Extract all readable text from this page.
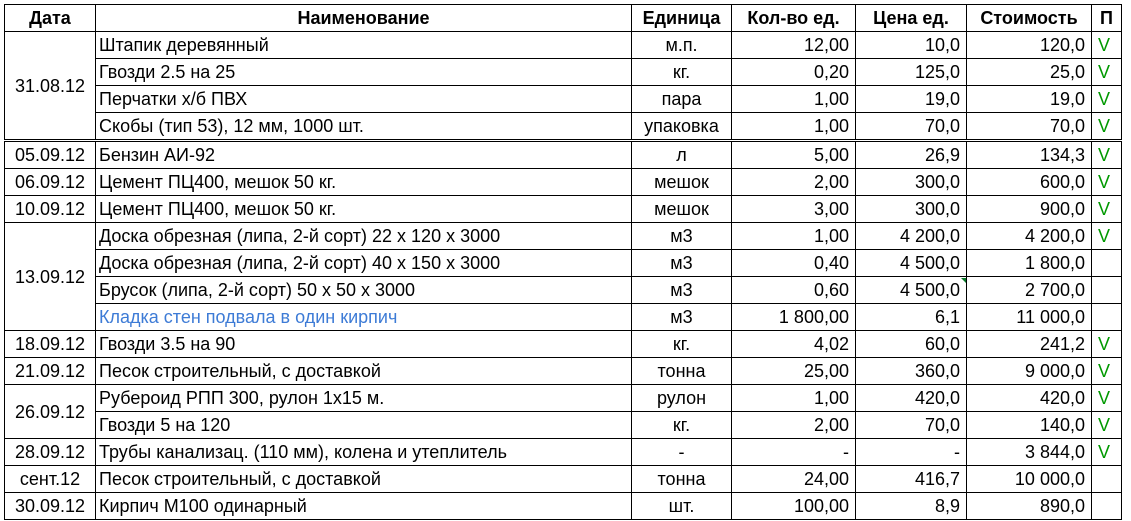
Дата	Наименование	Единица	Кол-во ед.	Цена ед.	Стоимость	П
31.08.12	Штапик деревянный	м.п.	12,00	10,0	120,0	V
	Гвозди 2.5 на 25	кг.	0,20	125,0	25,0	V
	Перчатки х/б ПВХ	пара	1,00	19,0	19,0	V
	Скобы (тип 53), 12 мм, 1000 шт.	упаковка	1,00	70,0	70,0	V
05.09.12	Бензин АИ-92	л	5,00	26,9	134,3	V
06.09.12	Цемент ПЦ400, мешок 50 кг.	мешок	2,00	300,0	600,0	V
10.09.12	Цемент ПЦ400, мешок 50 кг.	мешок	3,00	300,0	900,0	V
13.09.12	Доска обрезная (липа, 2-й сорт) 22 х 120 х 3000	м3	1,00	4 200,0	4 200,0	V
	Доска обрезная (липа, 2-й сорт) 40 х 150 х 3000	м3	0,40	4 500,0	1 800,0	
	Брусок (липа, 2-й сорт) 50 х 50 х 3000	м3	0,60	4 500,0	2 700,0	
	Кладка стен подвала в один кирпич	м3	1 800,00	6,1	11 000,0	
18.09.12	Гвозди 3.5 на 90	кг.	4,02	60,0	241,2	V
21.09.12	Песок строительный, с доставкой	тонна	25,00	360,0	9 000,0	V
26.09.12	Рубероид РПП 300, рулон 1х15 м.	рулон	1,00	420,0	420,0	V
	Гвозди 5 на 120	кг.	2,00	70,0	140,0	V
28.09.12	Трубы канализац. (110 мм), колена и утеплитель	-	-	-	3 844,0	V
сент.12	Песок строительный, с доставкой	тонна	24,00	416,7	10 000,0	
30.09.12	Кирпич М100 одинарный	шт.	100,00	8,9	890,0	
